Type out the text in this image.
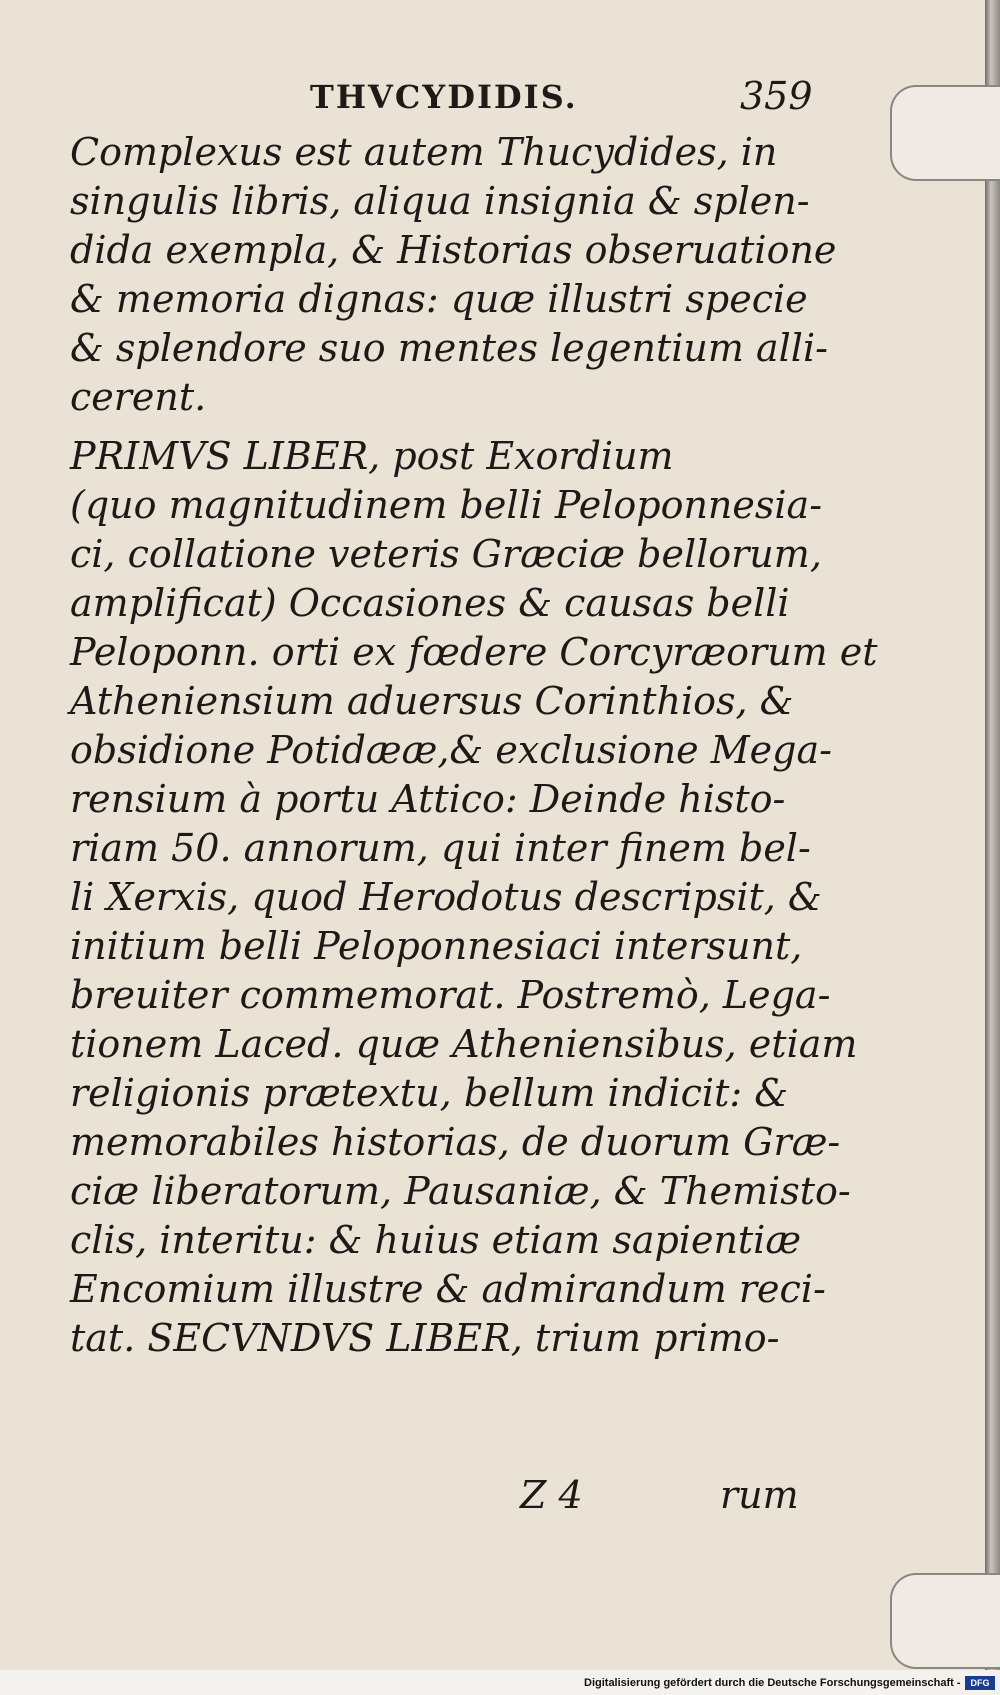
THVCYDIDIS.	359
Complexus est autem Thucydides, in
singulis libris, aliqua insignia & splen-
dida exempla, & Historias obseruatione
& memoria dignas: quæ illustri specie
& splendore suo mentes legentium alli-
cerent.
PRIMVS LIBER, post Exordium
(quo magnitudinem belli Peloponnesia-
ci, collatione veteris Græciæ bellorum,
amplificat) Occasiones & causas belli
Peloponn. orti ex fœdere Corcyræorum et
Atheniensium aduersus Corinthios, &
obsidione Potidææ,& exclusione Mega-
rensium à portu Attico: Deinde histo-
riam 50. annorum, qui inter finem bel-
li Xerxis, quod Herodotus descripsit, &
initium belli Peloponnesiaci intersunt,
breuiter commemorat. Postremò, Lega-
tionem Laced. quæ Atheniensibus, etiam
religionis prætextu, bellum indicit: &
memorabiles historias, de duorum Græ-
ciæ liberatorum, Pausaniæ, & Themisto-
clis, interitu: & huius etiam sapientiæ
Encomium illustre & admirandum reci-
tat. SECVNDVS LIBER, trium primo-
Z 4	rum
Digitalisierung gefördert durch die Deutsche Forschungsgemeinschaft -	DFG
